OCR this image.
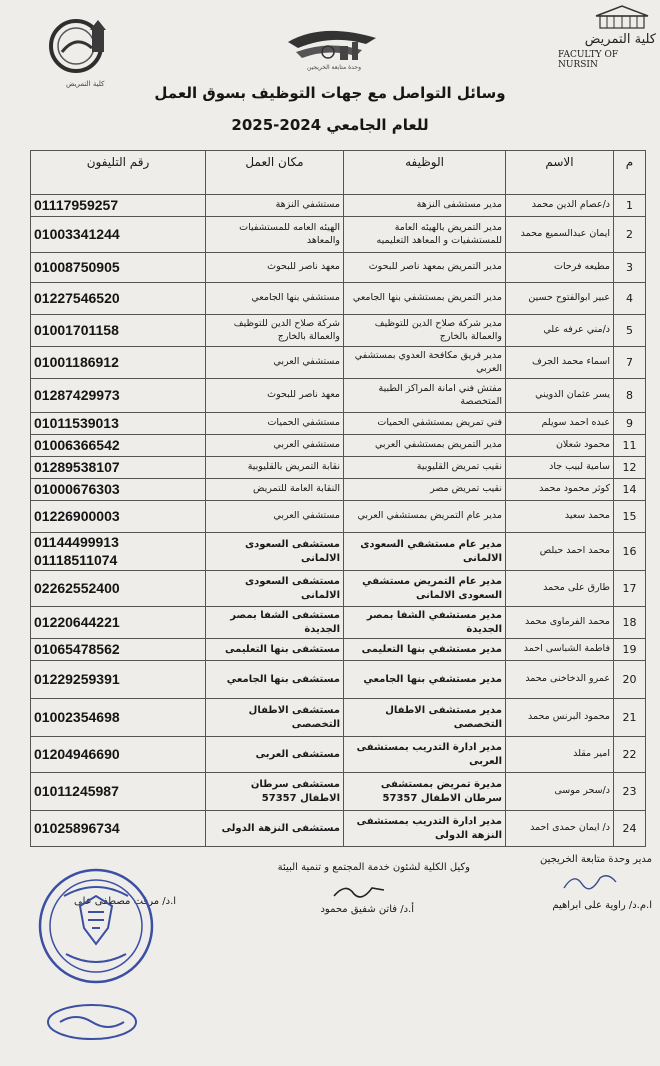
كلية التمريض
FACULTY OF NURSIN
وحدة متابعة الخريجين
كلية التمريض	وسائل التواصل مع جهات التوظيف بسوق العمل
للعام الجامعي 2024-2025
م	الاسم	الوظيفه	مكان العمل	رقم التليفون
1	د/عصام الدين محمد	مدير مستشفى النزهة	مستشفي النزهة	01117959257

2	ايمان عبدالسميع محمد	مدير التمريض بالهيئه العامة للمستشفيات و المعاهد التعليميه	الهيئه العامه للمستشفيات والمعاهد	01003341244

3	مطيعه فرحات	مدير التمريض بمعهد ناصر للبحوث	معهد ناصر للبحوث	01008750905

4	عبير ابوالفتوح حسين	مدير التمريض بمستشفي بنها الجامعي	مستشفي بنها الجامعي	01227546520

5	د/مني عرفه علي	مدير شركة صلاح الدين للتوظيف والعمالة بالخارج	شركة صلاح الدين للتوظيف والعمالة بالخارج	01001701158

7	اسماء محمد الجرف	مدير فريق مكافحة العدوي بمستشفي العربي	مستشفي العربي	01001186912

8	يسر عثمان الدويني	مفتش فني امانة المراكز الطبية المتخصصة	معهد ناصر للبحوث	01287429973

9	عبده احمد سويلم	فني تمريض بمستشفي الحميات	مستشفي الحميات	01011539013

11	محمود شعلان	مدير التمريض بمستشفي العربي	مستشفي العربي	01006366542

12	سامية لبيب جاد	نقيب تمريض القليوبية	نقابة التمريض بالقليوبية	01289538107

14	كوثر محمود محمد	نقيب تمريض مصر	النقابة العامة للتمريض	01000676303

15	محمد سعيد	مدير عام التمريض بمستشفي العربي	مستشفي العربي	01226900003

16	محمد احمد حبلص	مدير عام مستشفي السعودى الالمانى	مستشفى السعودى الالمانى	01144499913
01118511074

17	طارق على محمد	مدير عام التمريض مستشفي السعودى الالمانى	مستشفى السعودى الالمانى	02262552400

18	محمد الفرماوى محمد	مدير مستشفي الشفا بمصر الجديدة	مستشفى الشفا بمصر الجديدة	01220644221

19	فاطمة الشباسى احمد	مدير مستشفي بنها التعليمى	مستشفى بنها التعليمى	01065478562

20	عمرو الدخاخنى محمد	مدير مستشفي بنها الجامعي	مستشفى بنها الجامعي	01229259391

21	محمود البرنس محمد	مدير مستشفى الاطفال التخصصى	مستشفى الاطفال التخصصى	01002354698

22	امير مقلد	مدير ادارة التدريب بمستشفى العربى	مستشفى العربى	01204946690

23	د/سحر موسى	مديرة تمريض بمستشفى سرطان الاطفال 57357	مستشفى سرطان الاطفال 57357	01011245987

24	د/ ايمان حمدى احمد	مدير ادارة التدريب بمستشفى النزهة الدولى	مستشفى النزهة الدولى	01025896734
مدير وحدة متابعة الخريجين
وكيل الكلية لشئون خدمة المجتمع و تنمية البيئة
ا.م.د/ راوية على ابراهيم
أ.د/ فاتن شفيق محمود
ا.د/ مرفت مصطفى على
